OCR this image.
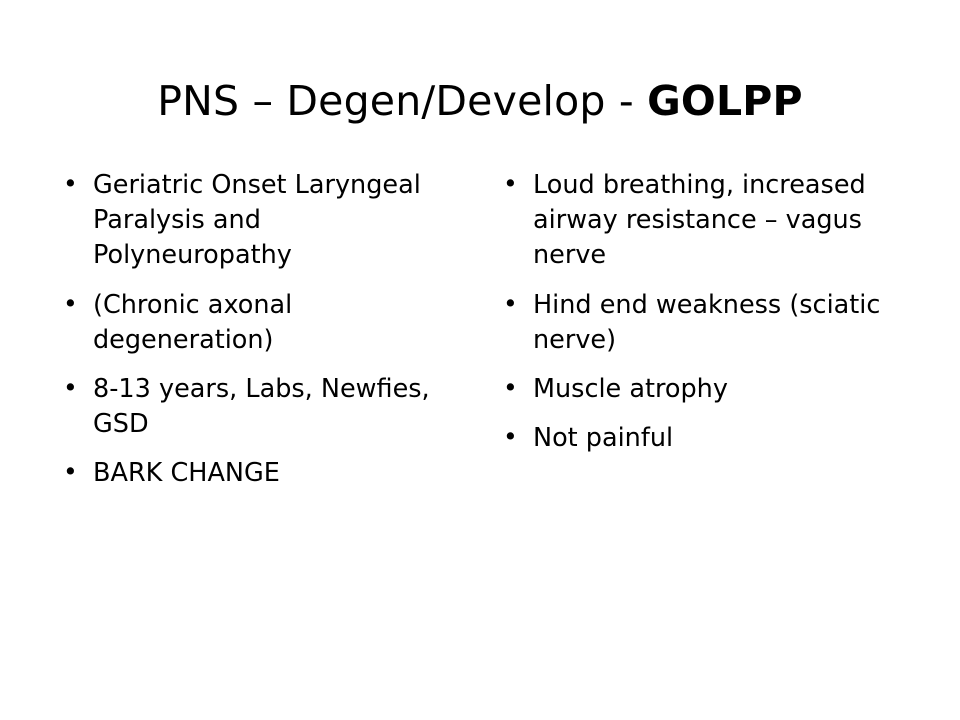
PNS – Degen/Develop - GOLPP
• Geriatric Onset Laryngeal Paralysis and Polyneuropathy
• (Chronic axonal degeneration)
• 8-13 years, Labs, Newfies, GSD
• BARK CHANGE
• Loud breathing, increased airway resistance – vagus nerve
• Hind end weakness (sciatic nerve)
• Muscle atrophy
• Not painful
